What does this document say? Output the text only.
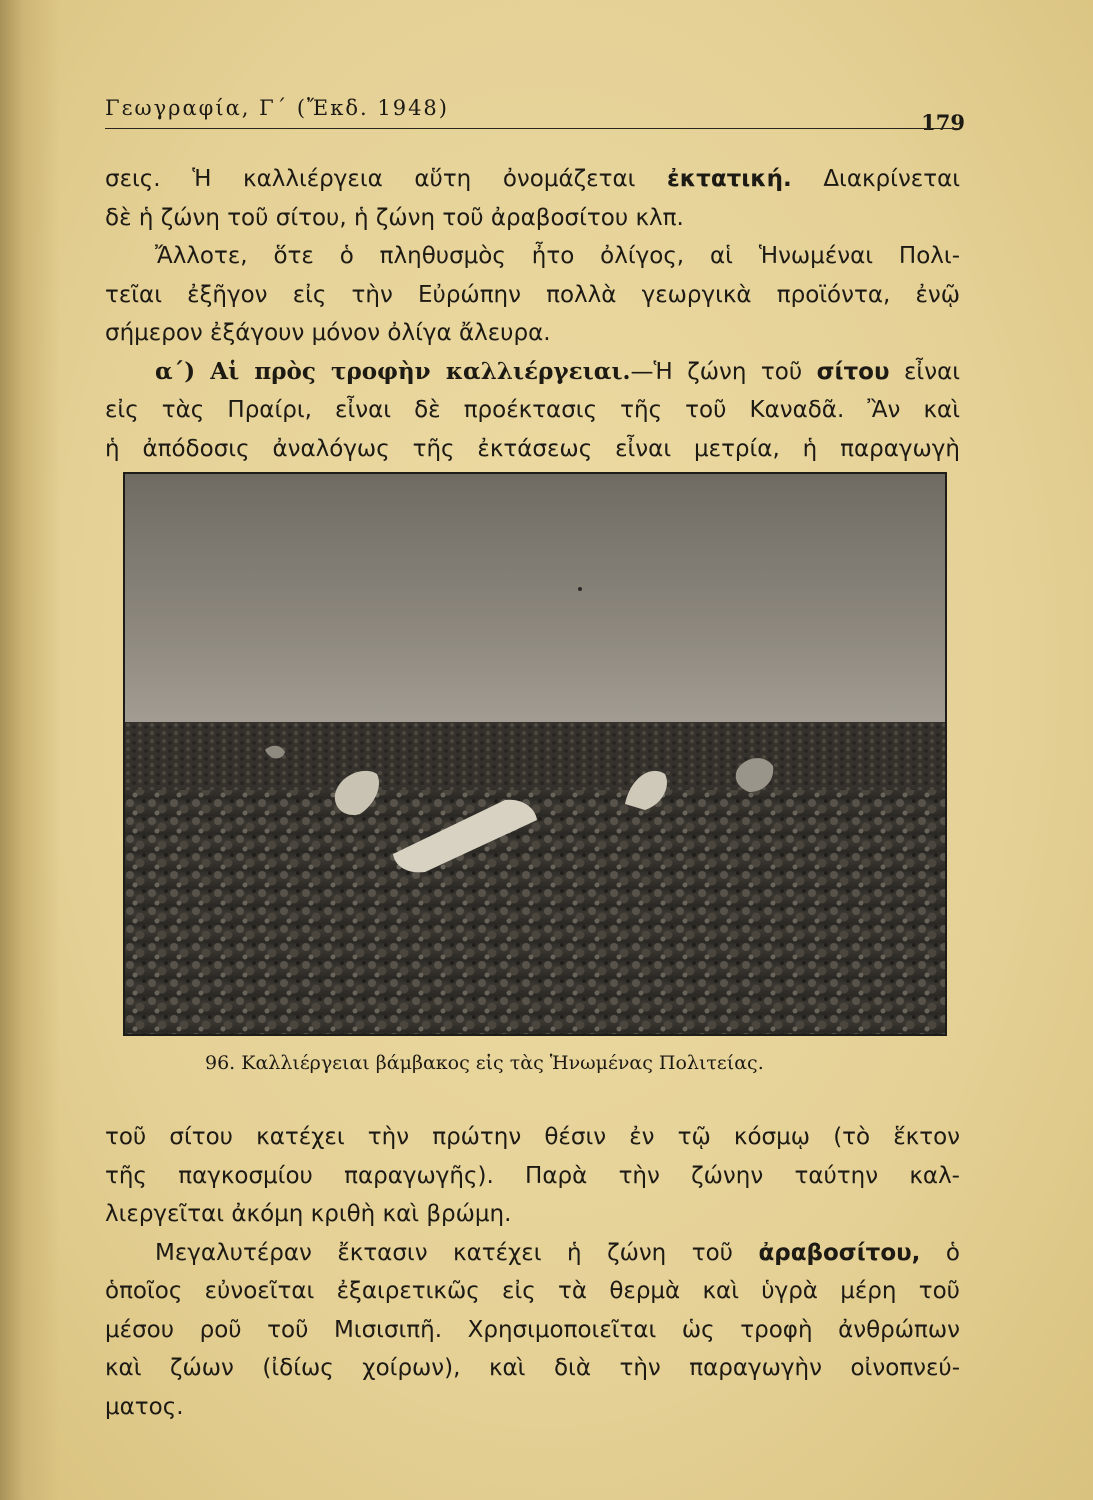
Γεωγραφία, Γ΄ (Ἔκδ. 1948)
179
σεις. Ἡ καλλιέργεια αὕτη ὀνομάζεται ἐκτατική. Διακρίνεται
δὲ ἡ ζώνη τοῦ σίτου, ἡ ζώνη τοῦ ἀραβοσίτου κλπ.
Ἄλλοτε, ὅτε ὁ πληθυσμὸς ἦτο ὀλίγος, αἱ Ἡνωμέναι Πολι-
τεῖαι ἐξῆγον εἰς τὴν Εὐρώπην πολλὰ γεωργικὰ προϊόντα, ἐνῷ
σήμερον ἐξάγουν μόνον ὀλίγα ἄλευρα.
α΄) Αἱ πρὸς τροφὴν καλλιέργειαι.—Ἡ ζώνη τοῦ σίτου εἶναι
εἰς τὰς Πραίρι, εἶναι δὲ προέκτασις τῆς τοῦ Καναδᾶ. Ἂν καὶ
ἡ ἀπόδοσις ἀναλόγως τῆς ἐκτάσεως εἶναι μετρία, ἡ παραγωγὴ
96. Καλλιέργειαι βάμβακος εἰς τὰς Ἡνωμένας Πολιτείας.
τοῦ σίτου κατέχει τὴν πρώτην θέσιν ἐν τῷ κόσμῳ (τὸ ἕκτον
τῆς παγκοσμίου παραγωγῆς). Παρὰ τὴν ζώνην ταύτην καλ-
λιεργεῖται ἀκόμη κριθὴ καὶ βρώμη.
Μεγαλυτέραν ἔκτασιν κατέχει ἡ ζώνη τοῦ ἀραβοσίτου, ὁ
ὁποῖος εὐνοεῖται ἐξαιρετικῶς εἰς τὰ θερμὰ καὶ ὑγρὰ μέρη τοῦ
μέσου ροῦ τοῦ Μισισιπῆ. Χρησιμοποιεῖται ὡς τροφὴ ἀνθρώπων
καὶ ζώων (ἰδίως χοίρων), καὶ διὰ τὴν παραγωγὴν οἰνοπνεύ-
ματος.
